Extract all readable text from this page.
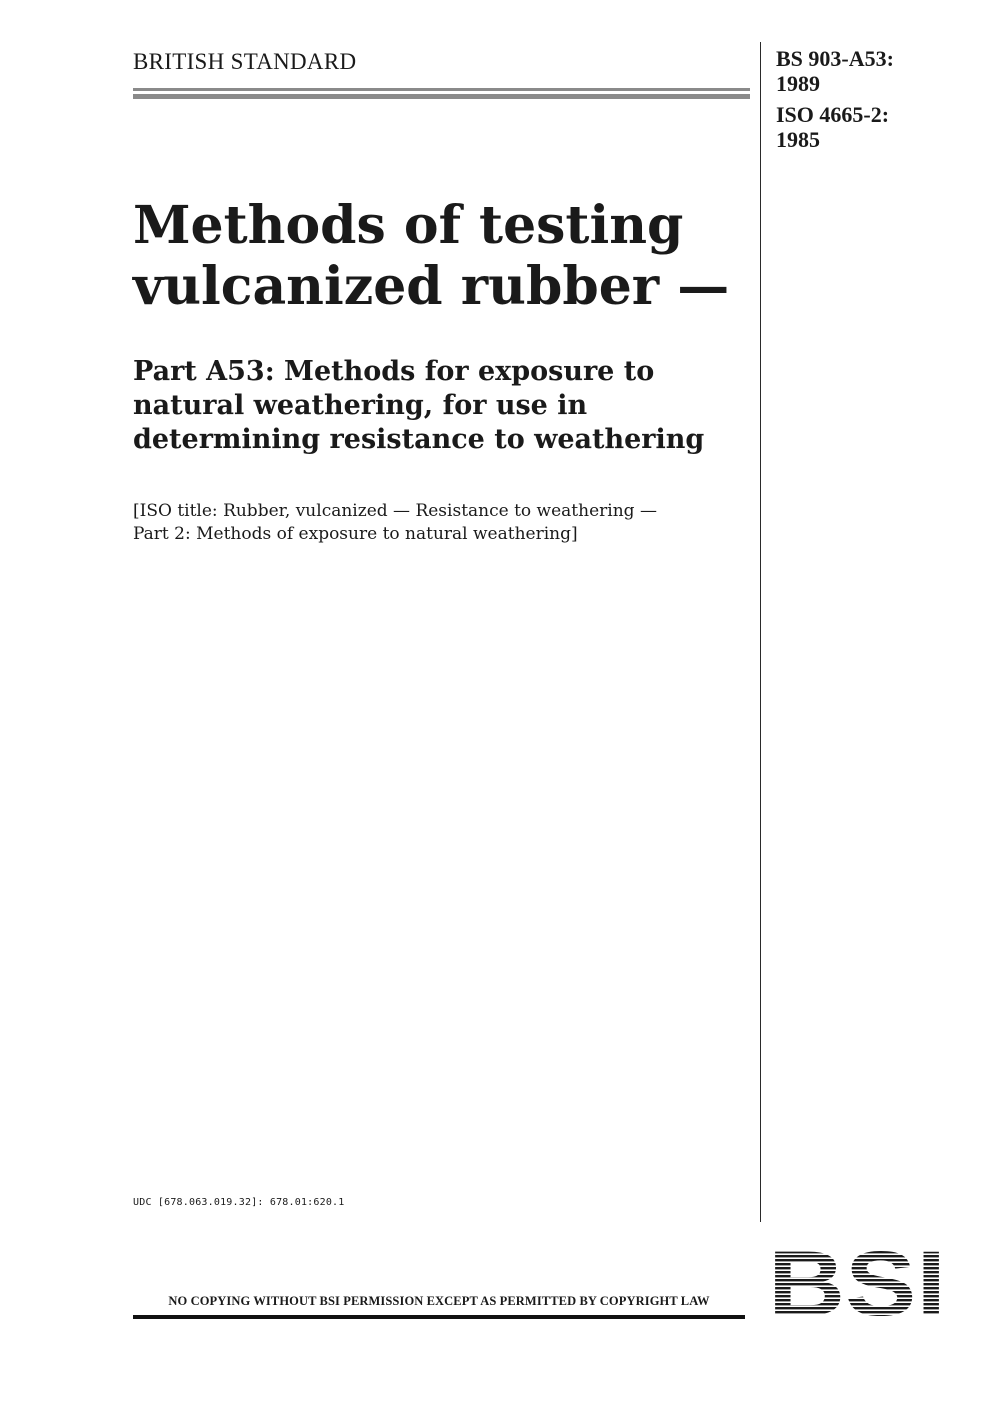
BRITISH STANDARD	BS 903-A53:
1989
ISO 4665-2:
1985
Methods of testing
vulcanized rubber —
Part A53: Methods for exposure to
natural weathering, for use in
determining resistance to weathering
[ISO title: Rubber, vulcanized — Resistance to weathering —
Part 2: Methods of exposure to natural weathering]
UDC [678.063.019.32]: 678.01:620.1
NO COPYING WITHOUT BSI PERMISSION EXCEPT AS PERMITTED BY COPYRIGHT LAW BSI
